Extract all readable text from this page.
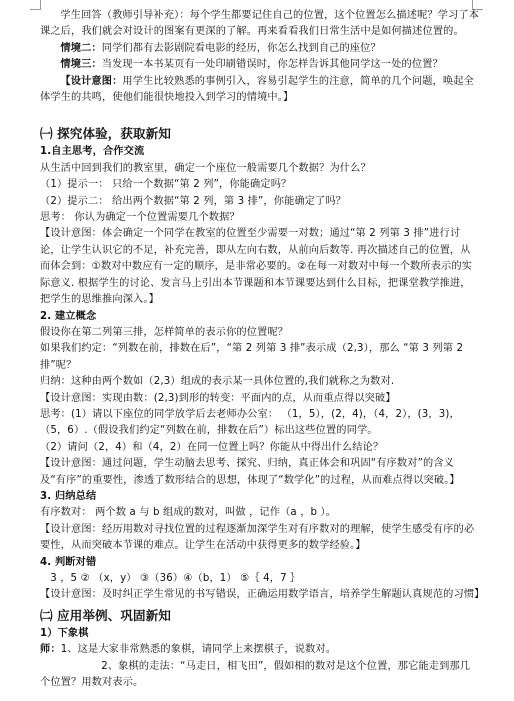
学生回答（教师引导补充）：每个学生都要记住自己的位置，这个位置怎么描述呢？学习了本课之后，我们就会对设计的图案有更深的了解。再来看看我们日常生活中是如何描述位置的。

情境二：同学们都有去影剧院看电影的经历，你怎么找到自己的座位？

情境三：当发现一本书某页有一处印刷错误时，你怎样告诉其他同学这一处的位置？

【设计意图：用学生比较熟悉的事例引入，容易引起学生的注意，简单的几个问题，唤起全体学生的共鸣，使他们能很快地投入到学习的情境中。】

㈠ 探究体验，获取新知

1.自主思考，合作交流

从生活中回到我们的教室里，确定一个座位一般需要几个数据？为什么？

（1）提示一： 只给一个数据“第 2 列”，你能确定吗？

（2）提示二： 给出两个数据“第 2 列，第 3 排”，你能确定了吗？

思考： 你认为确定一个位置需要几个数据？

【设计意图：体会确定一个同学在教室的位置至少需要一对数；通过“第 2 列第 3 排”进行讨论，让学生认识它的不足，补充完善，即从左向右数，从前向后数等. 再次描述自己的位置，从而体会到：①数对中数应有一定的顺序，是非常必要的。②在每一对数对中每一个数所表示的实际意义. 根据学生的讨论、发言马上引出本节课题和本节课要达到什么目标，把课堂教学推进，把学生的思维推向深入。】

2. 建立概念

假设你在第二列第三排，怎样简单的表示你的位置呢？

如果我们约定：“列数在前，排数在后”，“第 2 列第 3 排”表示成（2,3），那么 “第 3 列第 2 排”呢？

归纳：这种由两个数如（2,3）组成的表示某一具体位置的,我们就称之为数对.

【设计意图：实现由数：(2,3)到形的转变：平面内的点，从而重点得以突破】

思考：(1）请以下座位的同学放学后去老师办公室： （1，5），(2，4)，（4，2），(3，3)，（5，6）.（假设我们约定“列数在前，排数在后”）标出这些位置的同学。

（2）请问（2，4）和（4，2）在同一位置上吗？你能从中得出什么结论？

【设计意图：通过问题，学生动脑去思考、探究、归纳，真正体会和巩固“有序数对”的含义及“有序”的重要性，渗透了数形结合的思想，体现了“数学化”的过程，从而难点得以突破。】

3. 归纳总结

有序数对： 两个数 a 与 b 组成的数对，叫做 ，记作（a ，b ）。

【设计意图：经历用数对寻找位置的过程逐渐加深学生对有序数对的理解，使学生感受有序的必要性，从而突破本节课的难点。让学生在活动中获得更多的数学经验。】

4. 判断对错

3 ，5 ② （x，y） ③（36）④（b，1） ⑤｛ 4，7 ｝

【设计意图：及时纠正学生常见的书写错误，正确运用数学语言，培养学生解题认真规范的习惯】

㈡ 应用举例、巩固新知

1）下象棋

师：1、这是大家非常熟悉的象棋，请同学上来摆棋子，说数对。

2、象棋的走法：“马走日，相飞田”，假如相的数对是这个位置，那它能走到那几个位置？用数对表示。
